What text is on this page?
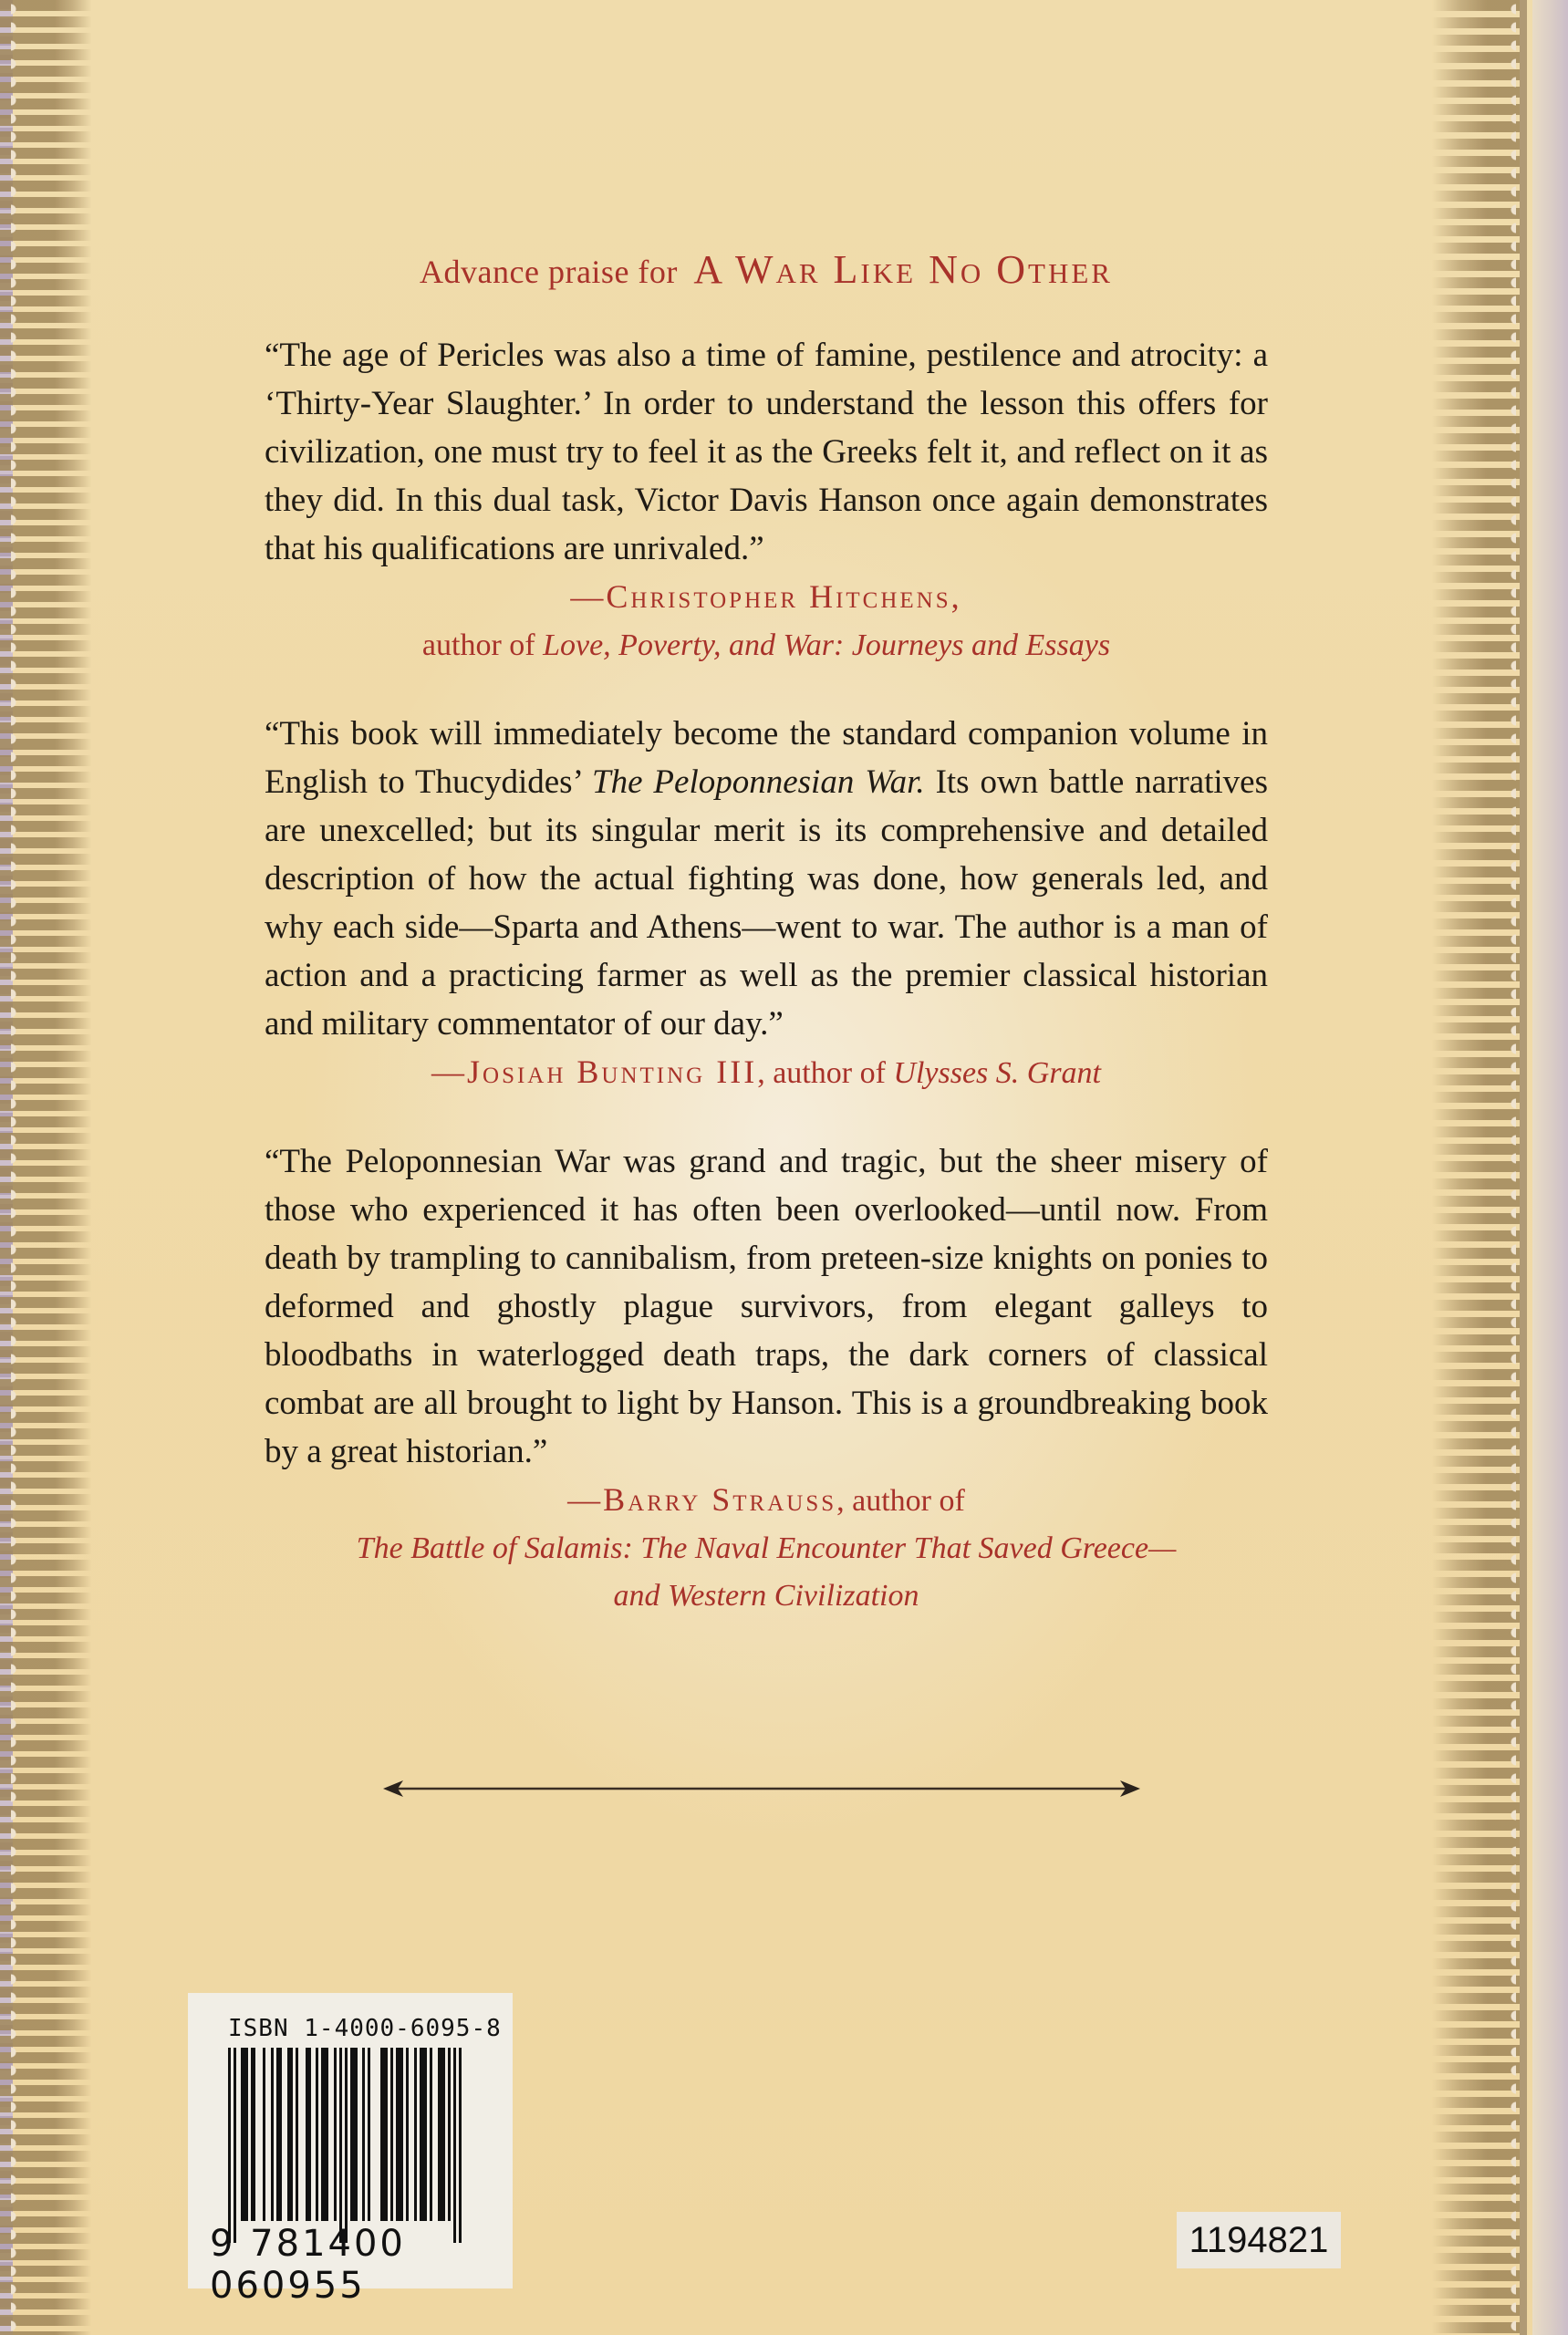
Advance praise for A War Like No Other

“The age of Pericles was also a time of famine, pestilence and atrocity: a ‘Thirty-Year Slaughter.’ In order to understand the lesson this offers for civilization, one must try to feel it as the Greeks felt it, and reflect on it as they did. In this dual task, Victor Davis Hanson once again demonstrates that his qualifications are unrivaled.”

—Christopher Hitchens,

author of Love, Poverty, and War: Journeys and Essays

“This book will immediately become the standard companion volume in English to Thucydides’ The Peloponnesian War. Its own battle narratives are unexcelled; but its singular merit is its comprehensive and detailed description of how the actual fighting was done, how generals led, and why each side—Sparta and Athens—went to war. The author is a man of action and a practicing farmer as well as the premier classical historian and military commentator of our day.”

—Josiah Bunting III, author of Ulysses S. Grant

“The Peloponnesian War was grand and tragic, but the sheer misery of those who experienced it has often been overlooked—until now. From death by trampling to cannibalism, from preteen-size knights on ponies to deformed and ghostly plague survivors, from elegant galleys to bloodbaths in waterlogged death traps, the dark corners of classical combat are all brought to light by Hanson. This is a groundbreaking book by a great historian.”

—Barry Strauss, author of

The Battle of Salamis: The Naval Encounter That Saved Greece—

and Western Civilization

ISBN 1-4000-6095-8
9 781400 060955
1194821
